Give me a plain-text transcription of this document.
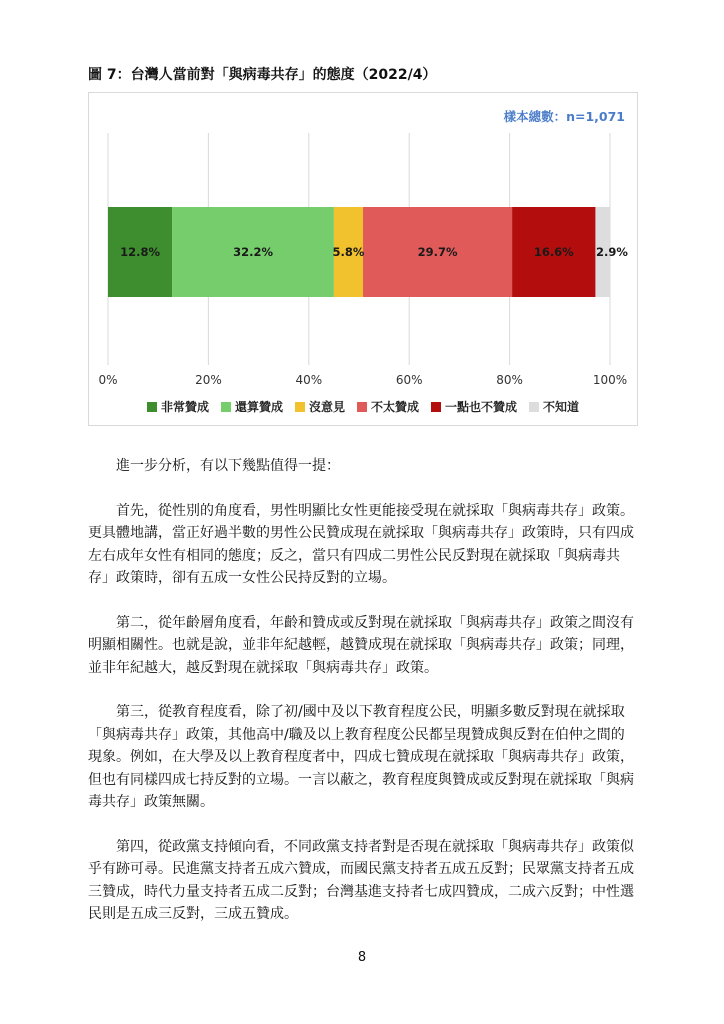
圖 7：台灣人當前對「與病毒共存」的態度（2022/4）
樣本總數：n=1,071
12.8%	32.2%	5.8%	29.7%	16.6% 2.9%
0%	20%	40%	60%	80%	100%
非常贊成 還算贊成 沒意見 不太贊成 一點也不贊成 不知道

進一步分析，有以下幾點值得一提：

首先，從性別的角度看，男性明顯比女性更能接受現在就採取「與病毒共存」政策。更具體地講，當正好過半數的男性公民贊成現在就採取「與病毒共存」政策時，只有四成左右成年女性有相同的態度；反之，當只有四成二男性公民反對現在就採取「與病毒共存」政策時，卻有五成一女性公民持反對的立場。

第二，從年齡層角度看，年齡和贊成或反對現在就採取「與病毒共存」政策之間沒有明顯相關性。也就是說，並非年紀越輕，越贊成現在就採取「與病毒共存」政策；同理，並非年紀越大，越反對現在就採取「與病毒共存」政策。

第三，從教育程度看，除了初/國中及以下教育程度公民，明顯多數反對現在就採取「與病毒共存」政策，其他高中/職及以上教育程度公民都呈現贊成與反對在伯仲之間的現象。例如，在大學及以上教育程度者中，四成七贊成現在就採取「與病毒共存」政策，但也有同樣四成七持反對的立場。一言以蔽之，教育程度與贊成或反對現在就採取「與病毒共存」政策無關。

第四，從政黨支持傾向看，不同政黨支持者對是否現在就採取「與病毒共存」政策似乎有跡可尋。民進黨支持者五成六贊成，而國民黨支持者五成五反對；民眾黨支持者五成三贊成，時代力量支持者五成二反對；台灣基進支持者七成四贊成，二成六反對；中性選民則是五成三反對，三成五贊成。

8
